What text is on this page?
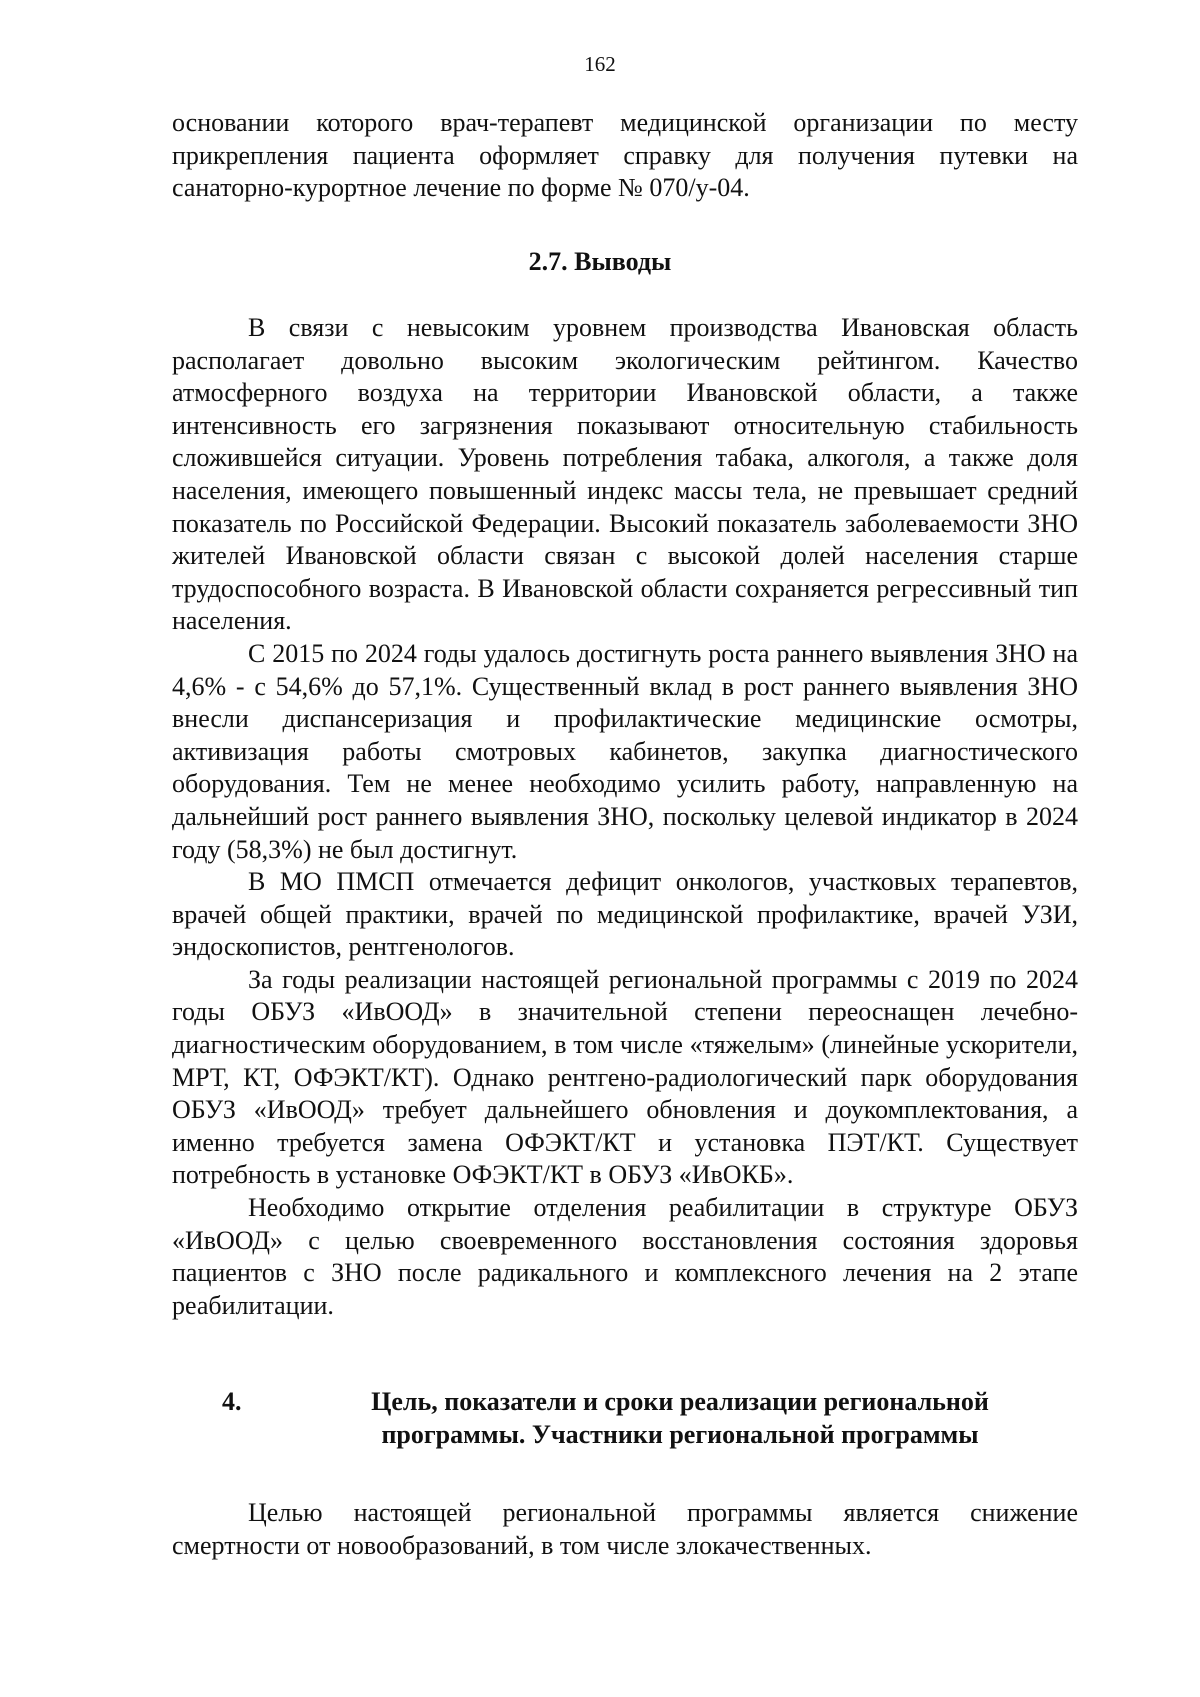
162

основании которого врач-терапевт медицинской организации по месту

прикрепления пациента оформляет справку для получения путевки на

санаторно-курортное лечение по форме № 070/у-04.

2.7. Выводы

В связи с невысоким уровнем производства Ивановская область располагает довольно высоким экологическим рейтингом. Качество атмосферного воздуха на территории Ивановской области, а также интенсивность его загрязнения показывают относительную стабильность сложившейся ситуации. Уровень потребления табака, алкоголя, а также доля населения, имеющего повышенный индекс массы тела, не превышает средний показатель по Российской Федерации. Высокий показатель заболеваемости ЗНО жителей Ивановской области связан с высокой долей населения старше трудоспособного возраста. В Ивановской области сохраняется регрессивный тип населения.

С 2015 по 2024 годы удалось достигнуть роста раннего выявления ЗНО на 4,6% - с 54,6% до 57,1%. Существенный вклад в рост раннего выявления ЗНО внесли диспансеризация и профилактические медицинские осмотры, активизация работы смотровых кабинетов, закупка диагностического оборудования. Тем не менее необходимо усилить работу, направленную на дальнейший рост раннего выявления ЗНО, поскольку целевой индикатор в 2024 году (58,3%) не был достигнут.

В МО ПМСП отмечается дефицит онкологов, участковых терапевтов, врачей общей практики, врачей по медицинской профилактике, врачей УЗИ, эндоскопистов, рентгенологов.

За годы реализации настоящей региональной программы с 2019 по 2024 годы ОБУЗ «ИвООД» в значительной степени переоснащен лечебно-диагностическим оборудованием, в том числе «тяжелым» (линейные ускорители, МРТ, КТ, ОФЭКТ/КТ). Однако рентгено-радиологический парк оборудования ОБУЗ «ИвООД» требует дальнейшего обновления и доукомплектования, а именно требуется замена ОФЭКТ/КТ и установка ПЭТ/КТ. Существует потребность в установке ОФЭКТ/КТ в ОБУЗ «ИвОКБ».

Необходимо открытие отделения реабилитации в структуре ОБУЗ «ИвООД» с целью своевременного восстановления состояния здоровья пациентов с ЗНО после радикального и комплексного лечения на 2 этапе реабилитации.

4.	Цель, показатели и сроки реализации региональной
программы. Участники региональной программы

Целью настоящей региональной программы является снижение смертности от новообразований, в том числе злокачественных.
